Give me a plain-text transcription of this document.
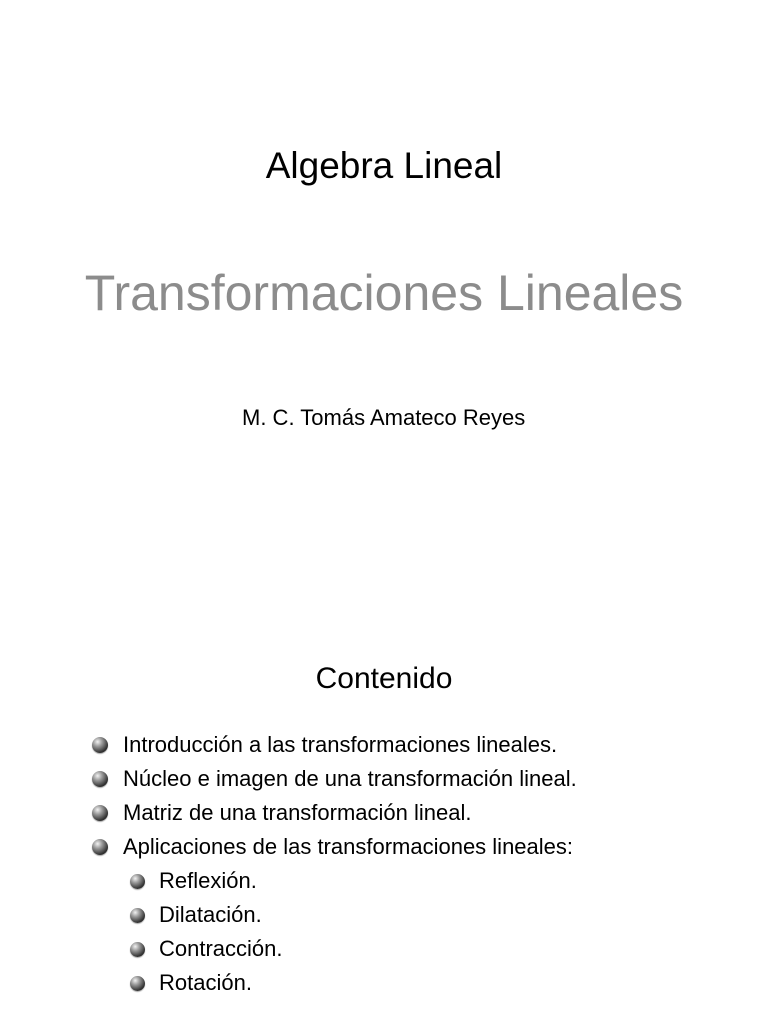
Algebra Lineal
Transformaciones Lineales
M. C. Tomás Amateco Reyes
Contenido
Introducción a las transformaciones lineales.
Núcleo e imagen de una transformación lineal.
Matriz de una transformación lineal.
Aplicaciones de las transformaciones lineales:
Reflexión.
Dilatación.
Contracción.
Rotación.
